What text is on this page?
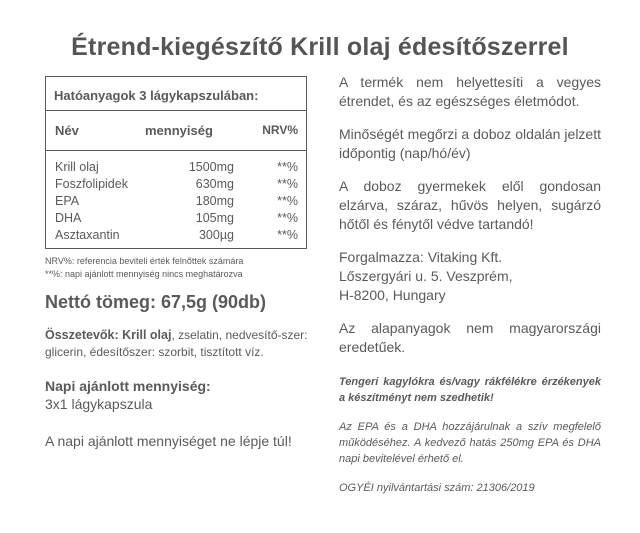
Étrend-kiegészítő Krill olaj édesítőszerrel
Hatóanyagok 3 lágykapszulában:
Név	mennyiség	NRV%
Krill olaj	1500mg	**%
Foszfolipidek	630mg	**%
EPA	180mg	**%
DHA	105mg	**%
Asztaxantin	300µg	**%
NRV%: referencia beviteli érték felnőttek számára
**%: napi ajánlott mennyiség nincs meghatározva
Nettó tömeg: 67,5g (90db)
Összetevők: Krill olaj, zselatin, nedvesítő-szer: glicerin, édesítőszer: szorbit, tisztított víz.
Napi ajánlott mennyiség:
3x1 lágykapszula
A napi ajánlott mennyiséget ne lépje túl!
A termék nem helyettesíti a vegyes étrendet, és az egészséges életmódot.
Minőségét megőrzi a doboz oldalán jelzett időpontig (nap/hó/év)
A doboz gyermekek elől gondosan elzárva, száraz, hűvös helyen, sugárzó hőtől és fénytől védve tartandó!
Forgalmazza: Vitaking Kft.
Lőszergyári u. 5. Veszprém,
H-8200, Hungary
Az alapanyagok nem magyarországi eredetűek.
Tengeri kagylókra és/vagy rákfélékre érzékenyek a készítményt nem szedhetik!
Az EPA és a DHA hozzájárulnak a szív megfelelő működéséhez. A kedvező hatás 250mg EPA és DHA napi bevitelével érhető el.
OGYÉI nyilvántartási szám: 21306/2019
